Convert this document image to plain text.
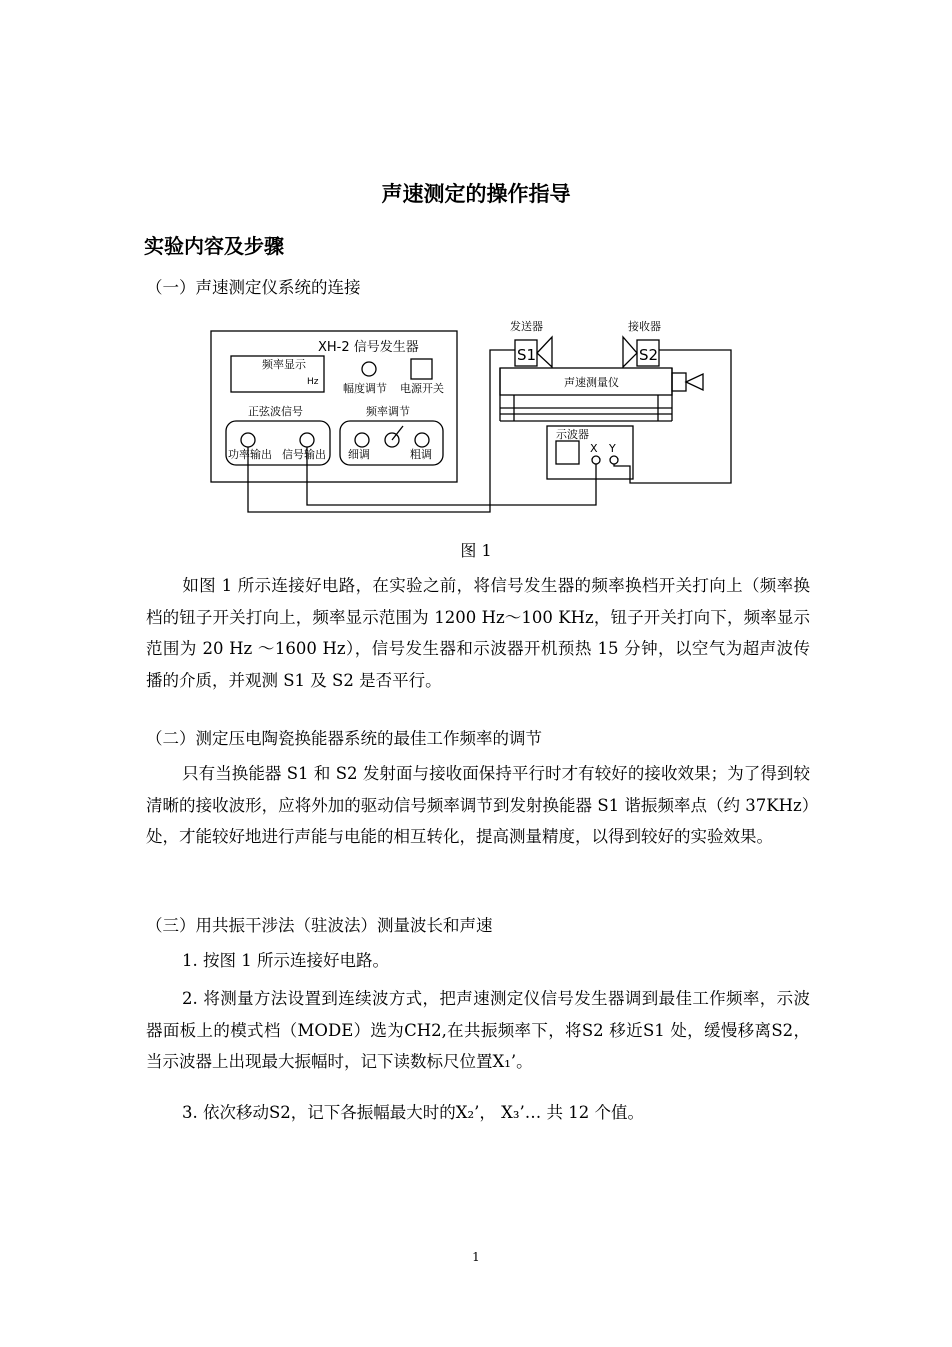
声速测定的操作指导
实验内容及步骤
（一）声速测定仪系统的连接
XH-2 信号发生器
频率显示
Hz 幅度调节 电源开关
正弦波信号	频率调节
功率输出 信号输出 细调	粗调
发送器	接收器
S1	S2
声速测量仪
示波器
X Y
图 1
如图 1 所示连接好电路，在实验之前，将信号发生器的频率换档开关打向上（频率换档的钮子开关打向上，频率显示范围为 1200 Hz～100 KHz，钮子开关打向下，频率显示范围为 20 Hz ～1600 Hz），信号发生器和示波器开机预热 15 分钟，以空气为超声波传播的介质，并观测 S1 及 S2 是否平行。
（二）测定压电陶瓷换能器系统的最佳工作频率的调节
只有当换能器 S1 和 S2 发射面与接收面保持平行时才有较好的接收效果；为了得到较清晰的接收波形，应将外加的驱动信号频率调节到发射换能器 S1 谐振频率点（约 37KHz）处，才能较好地进行声能与电能的相互转化，提高测量精度，以得到较好的实验效果。
（三）用共振干涉法（驻波法）测量波长和声速
1. 按图 1 所示连接好电路。
2. 将测量方法设置到连续波方式，把声速测定仪信号发生器调到最佳工作频率，示波器面板上的模式档（MODE）选为CH2,在共振频率下，将S2 移近S1 处，缓慢移离S2，当示波器上出现最大振幅时，记下读数标尺位置X₁’。
3. 依次移动S2，记下各振幅最大时的X₂’， X₃’… 共 12 个值。
1
